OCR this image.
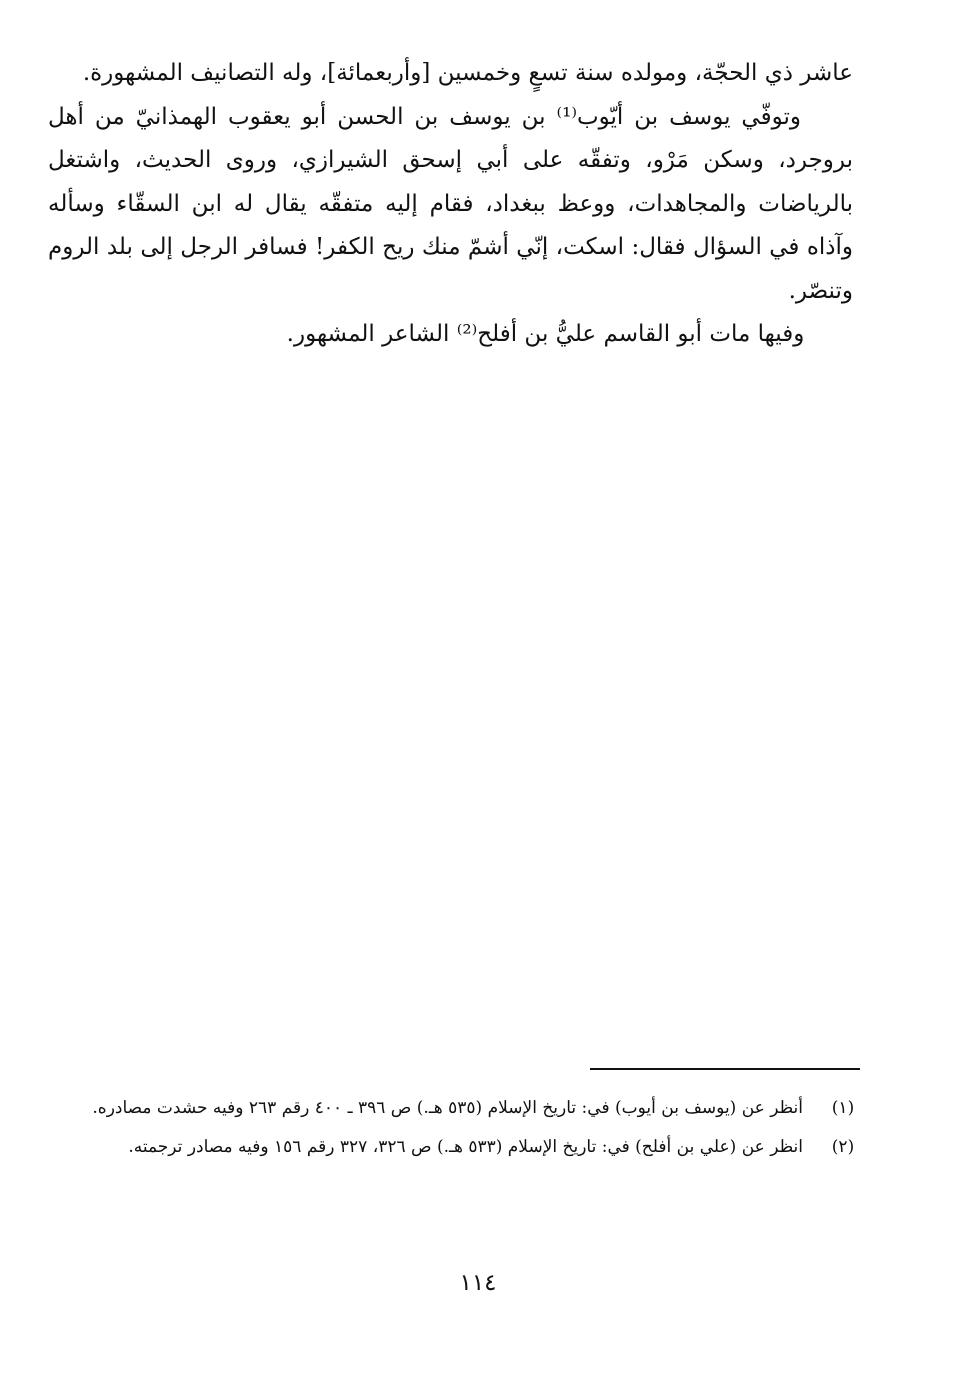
عاشر ذي الحجّة، ومولده سنة تسعٍ وخمسين [وأربعمائة]، وله التصانيف المشهورة.

وتوفّي يوسف بن أيّوب⁽¹⁾ بن يوسف بن الحسن أبو يعقوب الهمذانيّ من أهل بروجرد، وسكن مَرْو، وتفقّه على أبي إسحق الشيرازي، وروى الحديث، واشتغل بالرياضات والمجاهدات، ووعظ ببغداد، فقام إليه متفقّه يقال له ابن السقّاء وسأله وآذاه في السؤال فقال: اسكت، إنّي أشمّ منك ريح الكفر! فسافر الرجل إلى بلد الروم وتنصّر.

وفيها مات أبو القاسم عليُّ بن أفلح⁽²⁾ الشاعر المشهور.

(١)
أنظر عن (يوسف بن أيوب) في: تاريخ الإسلام (٥٣٥ هـ.) ص ٣٩٦ ـ ٤٠٠ رقم ٢٦٣ وفيه حشدت مصادره.
(٢)
انظر عن (علي بن أفلح) في: تاريخ الإسلام (٥٣٣ هـ.) ص ٣٢٦، ٣٢٧ رقم ١٥٦ وفيه مصادر ترجمته.
١١٤
